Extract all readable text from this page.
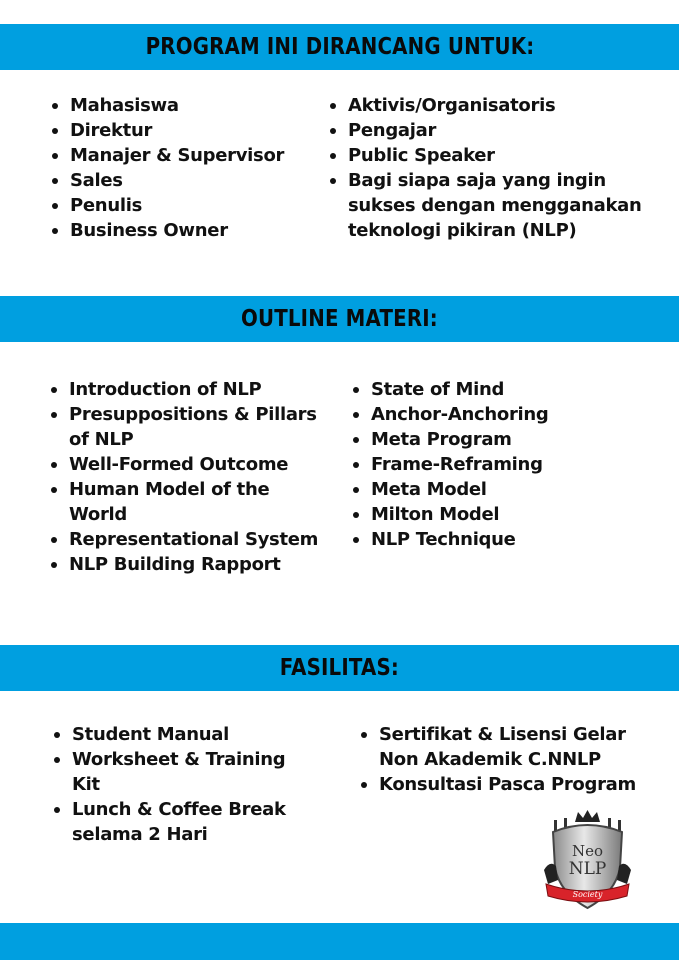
PROGRAM INI DIRANCANG UNTUK:
Mahasiswa
Direktur
Manajer & Supervisor
Sales
Penulis
Business Owner
Aktivis/Organisatoris
Pengajar
Public Speaker
Bagi siapa saja yang ingin sukses dengan mengganakan teknologi pikiran (NLP)
OUTLINE MATERI:
Introduction of NLP
Presuppositions & Pillars of NLP
Well-Formed Outcome
Human Model of the World
Representational System
NLP Building Rapport
State of Mind
Anchor-Anchoring
Meta Program
Frame-Reframing
Meta Model
Milton Model
NLP Technique
FASILITAS:
Student Manual
Worksheet & Training Kit
Lunch & Coffee Break selama 2 Hari
Sertifikat & Lisensi Gelar Non Akademik C.NNLP
Konsultasi Pasca Program
Neo
NLP
Society
